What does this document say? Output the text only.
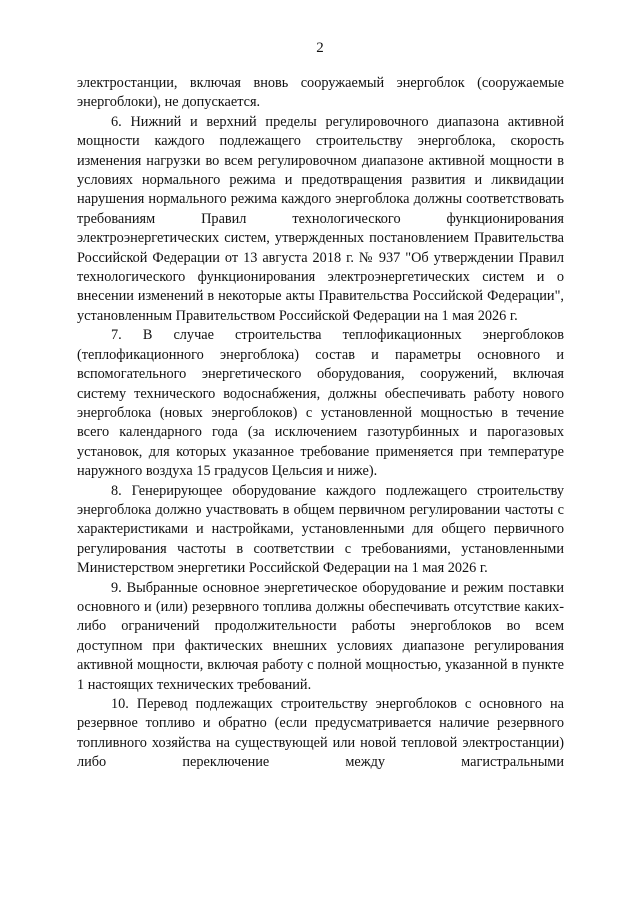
2

электростанции, включая вновь сооружаемый энергоблок (сооружаемые энергоблоки), не допускается.

6. Нижний и верхний пределы регулировочного диапазона активной мощности каждого подлежащего строительству энергоблока, скорость изменения нагрузки во всем регулировочном диапазоне активной мощности в условиях нормального режима и предотвращения развития и ликвидации нарушения нормального режима каждого энергоблока должны соответствовать требованиям Правил технологического функционирования электроэнергетических систем, утвержденных постановлением Правительства Российской Федерации от 13 августа 2018 г. № 937 "Об утверждении Правил технологического функционирования электроэнергетических систем и о внесении изменений в некоторые акты Правительства Российской Федерации", установленным Правительством Российской Федерации на 1 мая 2026 г.

7. В случае строительства теплофикационных энергоблоков (теплофикационного энергоблока) состав и параметры основного и вспомогательного энергетического оборудования, сооружений, включая систему технического водоснабжения, должны обеспечивать работу нового энергоблока (новых энергоблоков) с установленной мощностью в течение всего календарного года (за исключением газотурбинных и парогазовых установок, для которых указанное требование применяется при температуре наружного воздуха 15 градусов Цельсия и ниже).

8. Генерирующее оборудование каждого подлежащего строительству энергоблока должно участвовать в общем первичном регулировании частоты с характеристиками и настройками, установленными для общего первичного регулирования частоты в соответствии с требованиями, установленными Министерством энергетики Российской Федерации на 1 мая 2026 г.

9. Выбранные основное энергетическое оборудование и режим поставки основного и (или) резервного топлива должны обеспечивать отсутствие каких-либо ограничений продолжительности работы энергоблоков во всем доступном при фактических внешних условиях диапазоне регулирования активной мощности, включая работу с полной мощностью, указанной в пункте 1 настоящих технических требований.

10. Перевод подлежащих строительству энергоблоков с основного на резервное топливо и обратно (если предусматривается наличие резервного топливного хозяйства на существующей или новой тепловой электростанции) либо переключение между магистральными
